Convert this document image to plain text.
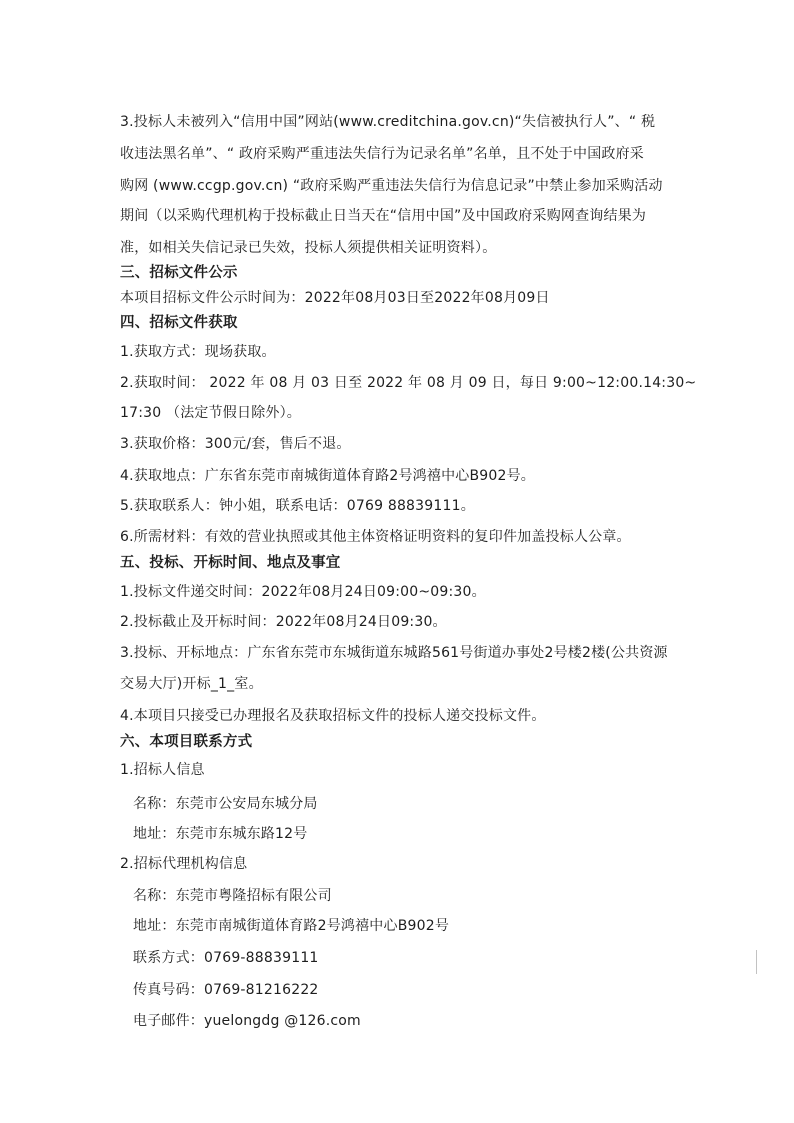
3.投标人未被列入“信用中国”网站(www.creditchina.gov.cn)“失信被执行人”、“ 税
收违法黑名单”、“ 政府采购严重违法失信行为记录名单”名单，且不处于中国政府采
购网 (www.ccgp.gov.cn) “政府采购严重违法失信行为信息记录”中禁止参加采购活动
期间（以采购代理机构于投标截止日当天在“信用中国”及中国政府采购网查询结果为
准，如相关失信记录已失效，投标人须提供相关证明资料）。
三、招标文件公示
本项目招标文件公示时间为：2022年08月03日至2022年08月09日
四、招标文件获取
1.获取方式：现场获取。
2.获取时间： 2022 年 08 月 03 日至 2022 年 08 月 09 日，每日 9:00~12:00.14:30~
17:30 （法定节假日除外）。
3.获取价格：300元/套，售后不退。
4.获取地点：广东省东莞市南城街道体育路2号鸿禧中心B902号。
5.获取联系人：钟小姐，联系电话：0769 88839111。
6.所需材料：有效的营业执照或其他主体资格证明资料的复印件加盖投标人公章。
五、投标、开标时间、地点及事宜
1.投标文件递交时间：2022年08月24日09:00~09:30。
2.投标截止及开标时间：2022年08月24日09:30。
3.投标、开标地点：广东省东莞市东城街道东城路561号街道办事处2号楼2楼(公共资源
交易大厅)开标_1_室。
4.本项目只接受已办理报名及获取招标文件的投标人递交投标文件。
六、本项目联系方式
1.招标人信息
名称：东莞市公安局东城分局
地址：东莞市东城东路12号
2.招标代理机构信息
名称：东莞市粤隆招标有限公司
地址：东莞市南城街道体育路2号鸿禧中心B902号
联系方式：0769-88839111
传真号码：0769-81216222
电子邮件：yuelongdg @126.com
